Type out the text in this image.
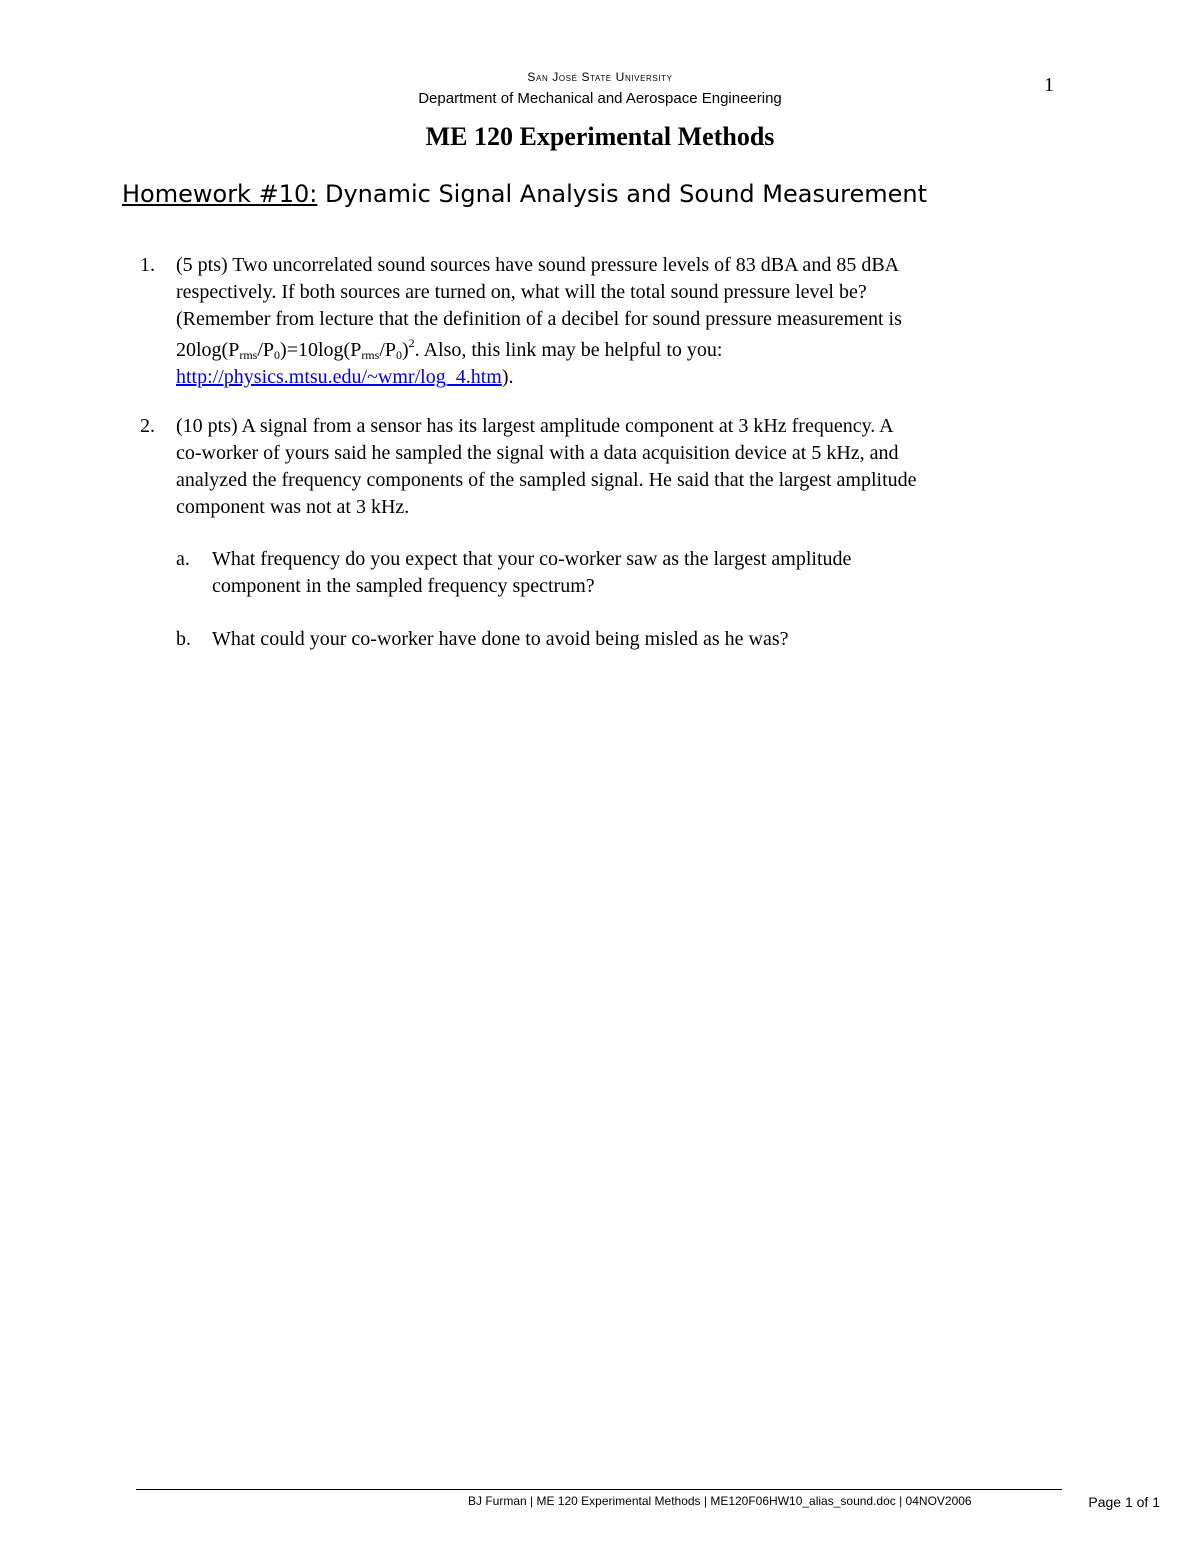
San José State University
Department of Mechanical and Aerospace Engineering
1
ME 120 Experimental Methods
Homework #10: Dynamic Signal Analysis and Sound Measurement
1. (5 pts) Two uncorrelated sound sources have sound pressure levels of 83 dBA and 85 dBA
respectively. If both sources are turned on, what will the total sound pressure level be?
(Remember from lecture that the definition of a decibel for sound pressure measurement is
$20\log(P_{rms}/P_0)=10\log(P_{rms}/P_0)^2$. Also, this link may be helpful to you:
http://physics.mtsu.edu/~wmr/log_4.htm).
2. (10 pts) A signal from a sensor has its largest amplitude component at 3 kHz frequency. A
co-worker of yours said he sampled the signal with a data acquisition device at 5 kHz, and
analyzed the frequency components of the sampled signal. He said that the largest amplitude
component was not at 3 kHz.
a. What frequency do you expect that your co-worker saw as the largest amplitude
component in the sampled frequency spectrum?
b. What could your co-worker have done to avoid being misled as he was?
BJ Furman | ME 120 Experimental Methods | ME120F06HW10_alias_sound.doc | 04NOV2006	Page 1 of 1
